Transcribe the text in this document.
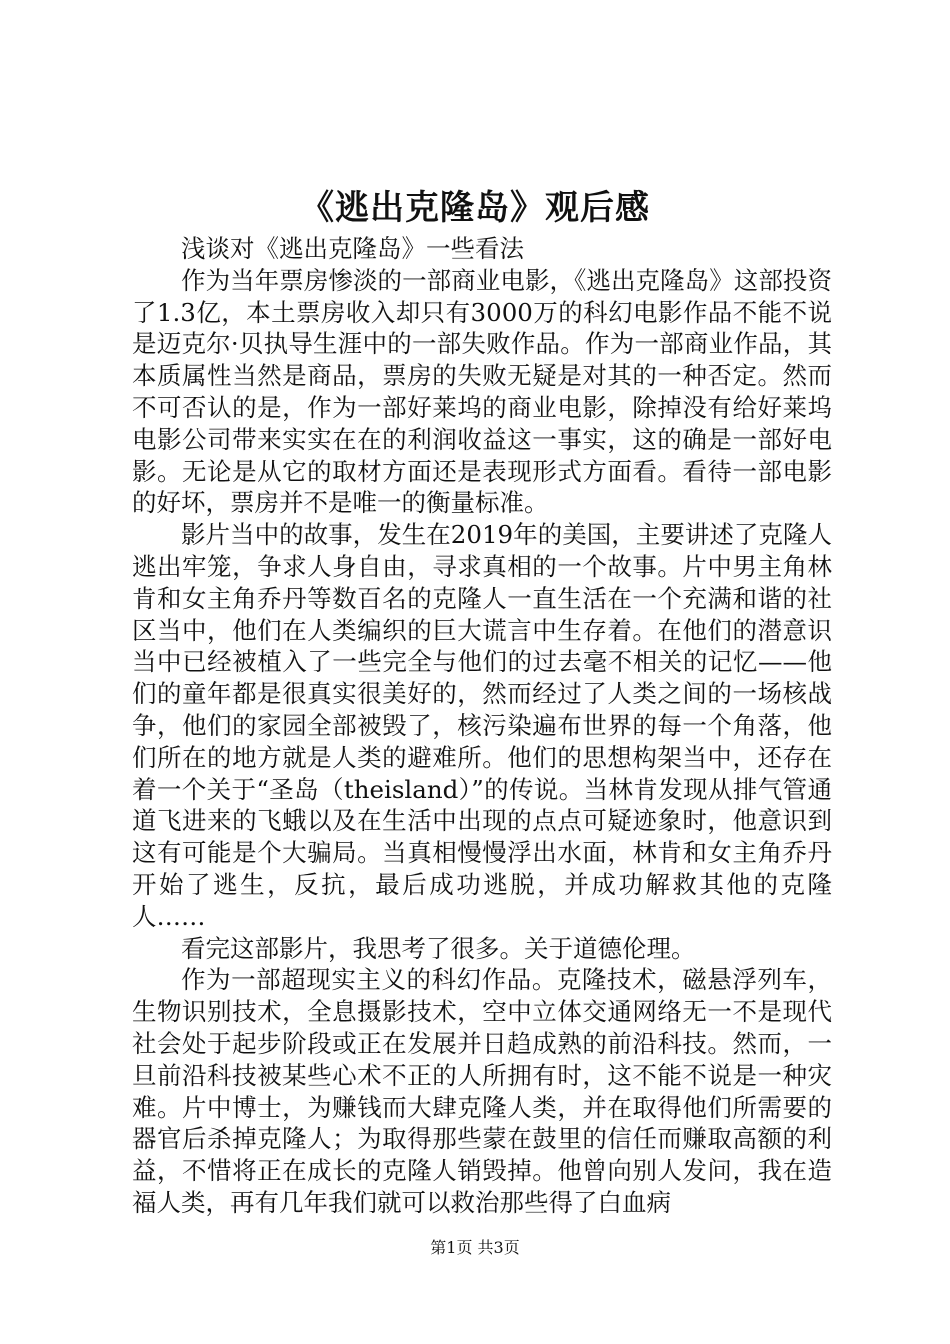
《逃出克隆岛》观后感

浅谈对《逃出克隆岛》一些看法

作为当年票房惨淡的一部商业电影，《逃出克隆岛》这部投资了1.3亿，本土票房收入却只有3000万的科幻电影作品不能不说是迈克尔·贝执导生涯中的一部失败作品。作为一部商业作品，其本质属性当然是商品，票房的失败无疑是对其的一种否定。然而不可否认的是，作为一部好莱坞的商业电影，除掉没有给好莱坞电影公司带来实实在在的利润收益这一事实，这的确是一部好电影。无论是从它的取材方面还是表现形式方面看。看待一部电影的好坏，票房并不是唯一的衡量标准。

影片当中的故事，发生在2019年的美国，主要讲述了克隆人逃出牢笼，争求人身自由，寻求真相的一个故事。片中男主角林肯和女主角乔丹等数百名的克隆人一直生活在一个充满和谐的社区当中，他们在人类编织的巨大谎言中生存着。在他们的潜意识当中已经被植入了一些完全与他们的过去毫不相关的记忆——他们的童年都是很真实很美好的，然而经过了人类之间的一场核战争，他们的家园全部被毁了，核污染遍布世界的每一个角落，他们所在的地方就是人类的避难所。他们的思想构架当中，还存在着一个关于“圣岛（theisland）”的传说。当林肯发现从排气管通道飞进来的飞蛾以及在生活中出现的点点可疑迹象时，他意识到这有可能是个大骗局。当真相慢慢浮出水面，林肯和女主角乔丹开始了逃生，反抗，最后成功逃脱，并成功解救其他的克隆人……

看完这部影片，我思考了很多。关于道德伦理。

作为一部超现实主义的科幻作品。克隆技术，磁悬浮列车，生物识别技术，全息摄影技术，空中立体交通网络无一不是现代社会处于起步阶段或正在发展并日趋成熟的前沿科技。然而，一旦前沿科技被某些心术不正的人所拥有时，这不能不说是一种灾难。片中博士，为赚钱而大肆克隆人类，并在取得他们所需要的器官后杀掉克隆人；为取得那些蒙在鼓里的信任而赚取高额的利益，不惜将正在成长的克隆人销毁掉。他曾向别人发问，我在造福人类，再有几年我们就可以救治那些得了白血病

第1页 共3页
